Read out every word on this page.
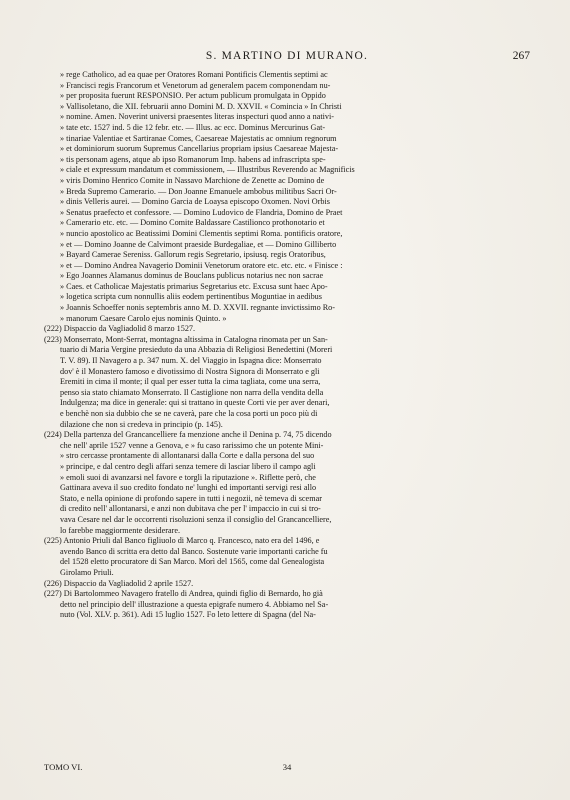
S. MARTINO DI MURANO.	267
» rege Catholico, ad ea quae per Oratores Romani Pontificis Clementis septimi ac
» Francisci regis Francorum et Venetorum ad generalem pacem componendam nu-
» per proposita fuerunt RESPONSIO. Per actum publicum promulgata in Oppido
» Vallisoletano, die XII. februarii anno Domini M. D. XXVII. « Comincia » In Christi
» nomine. Amen. Noverint universi praesentes literas inspecturi quod anno a nativi-
» tate etc. 1527 ind. 5 die 12 febr. etc. — Illus. ac ecc. Dominus Mercurinus Gat-
» tinariae Valentiae et Sartiranae Comes, Caesareae Majestatis ac omnium regnorum
» et dominiorum suorum Supremus Cancellarius propriam ipsius Caesareae Majesta-
» tis personam agens, atque ab ipso Romanorum Imp. habens ad infrascripta spe-
» ciale et expressum mandatum et commissionem, — Illustribus Reverendo ac Magnificis
» viris Domino Henrico Comite in Nassavo Marchione de Zenette ac Domino de
» Breda Supremo Camerario. — Don Joanne Emanuele ambobus militibus Sacri Or-
» dinis Velleris aurei. — Domino Garcia de Loaysa episcopo Oxomen. Novi Orbis
» Senatus praefecto et confessore. — Domino Ludovico de Flandria, Domino de Praet
» Camerario etc. etc. — Domino Comite Baldassare Castilionco prothonotario et
» nuncio apostolico ac Beatissimi Domini Clementis septimi Roma. pontificis oratore,
» et — Domino Joanne de Calvimont praeside Burdegaliae, et — Domino Gilliberto
» Bayard Camerae Sereniss. Gallorum regis Segretario, ipsiusq. regis Oratoribus,
» et — Domino Andrea Navagerio Dominii Venetorum oratore etc. etc. etc. « Finisce :
» Ego Joannes Alamanus dominus de Bouclans publicus notarius nec non sacrae
» Caes. et Catholicae Majestatis primarius Segretarius etc. Excusa sunt haec Apo-
» logetica scripta cum nonnullis aliis eodem pertinentibus Moguntiae in aedibus
» Joannis Schoeffer nonis septembris anno M. D. XXVII. regnante invictissimo Ro-
» manorum Caesare Carolo ejus nominis Quinto. »
(222) Dispaccio da Vagliadolid 8 marzo 1527.
(223) Monserrato, Mont-Serrat, montagna altissima in Catalogna rinomata per un San-
tuario di Maria Vergine presieduto da una Abbazia di Religiosi Benedettini (Moreri
T. V. 89). Il Navagero a p. 347 num. X. del Viaggio in Ispagna dice: Monserrato
dov' è il Monastero famoso e divotissimo di Nostra Signora di Monserrato e gli
Eremiti in cima il monte; il qual per esser tutta la cima tagliata, come una serra,
penso sia stato chiamato Monserrato. Il Castiglione non narra della vendita della
Indulgenza; ma dice in generale: qui si trattano in queste Corti vie per aver denari,
e benchè non sia dubbio che se ne caverà, pare che la cosa porti un poco più di
dilazione che non si credeva in principio (p. 145).
(224) Della partenza del Grancancelliere fa menzione anche il Denina p. 74, 75 dicendo
che nell' aprile 1527 venne a Genova, e » fu caso rarissimo che un potente Mini-
» stro cercasse prontamente di allontanarsi dalla Corte e dalla persona del suo
» principe, e dal centro degli affari senza temere di lasciar libero il campo agli
» emoli suoi di avanzarsi nel favore e torgli la riputazione ». Riflette però, che
Gattinara aveva il suo credito fondato ne' lunghi ed importanti servigi resi allo
Stato, e nella opinione di profondo sapere in tutti i negozii, nè temeva di scemar
di credito nell' allontanarsi, e anzi non dubitava che per l' impaccio in cui si tro-
vava Cesare nel dar le occorrenti risoluzioni senza il consiglio del Grancancelliere,
lo farebbe maggiormente desiderare.
(225) Antonio Priuli dal Banco figliuolo di Marco q. Francesco, nato era del 1496, e
avendo Banco di scritta era detto dal Banco. Sostenute varie importanti cariche fu
del 1528 eletto procuratore di San Marco. Morì del 1565, come dal Genealogista
Girolamo Priuli.
(226) Dispaccio da Vagliadolid 2 aprile 1527.
(227) Di Bartolommeo Navagero fratello di Andrea, quindi figlio di Bernardo, ho già
detto nel principio dell' illustrazione a questa epigrafe numero 4. Abbiamo nel Sa-
nuto (Vol. XLV. p. 361). Adi 15 luglio 1527. Fo leto lettere di Spagna (del Na-
TOMO VI.	34
